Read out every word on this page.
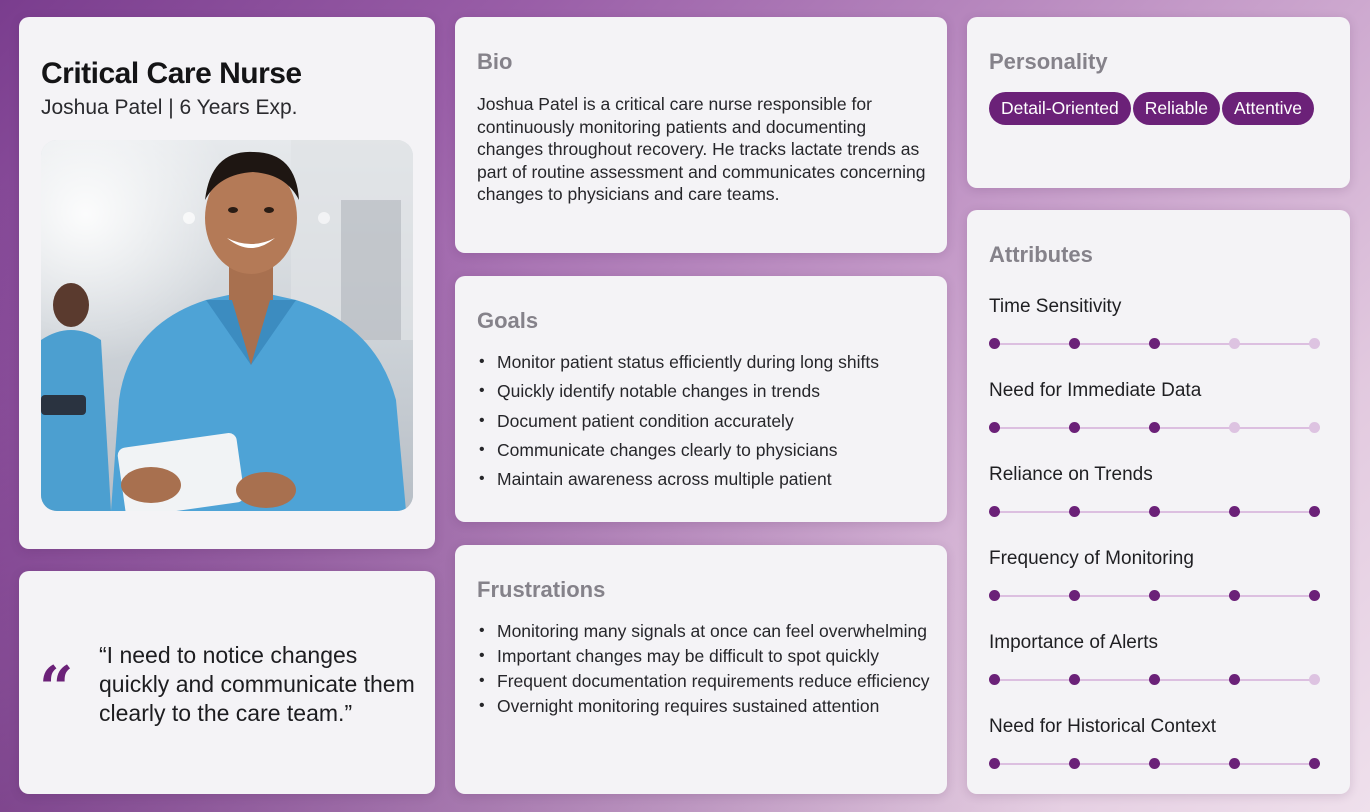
Critical Care Nurse
Joshua Patel | 6 Years Exp.
“ “I need to notice changes quickly and communicate them clearly to the care team.”
Bio
Joshua Patel is a critical care nurse responsible for continuously monitoring patients and documenting changes throughout recovery. He tracks lactate trends as part of routine assessment and communicates concerning changes to physicians and care teams.
Goals
• Monitor patient status efficiently during long shifts
• Quickly identify notable changes in trends
• Document patient condition accurately
• Communicate changes clearly to physicians
• Maintain awareness across multiple patient
Frustrations
• Monitoring many signals at once can feel overwhelming
• Important changes may be difficult to spot quickly
• Frequent documentation requirements reduce efficiency
• Overnight monitoring requires sustained attention
Personality
Detail-Oriented	Reliable	Attentive
Attributes
Time Sensitivity
Need for Immediate Data
Reliance on Trends
Frequency of Monitoring
Importance of Alerts
Need for Historical Context
